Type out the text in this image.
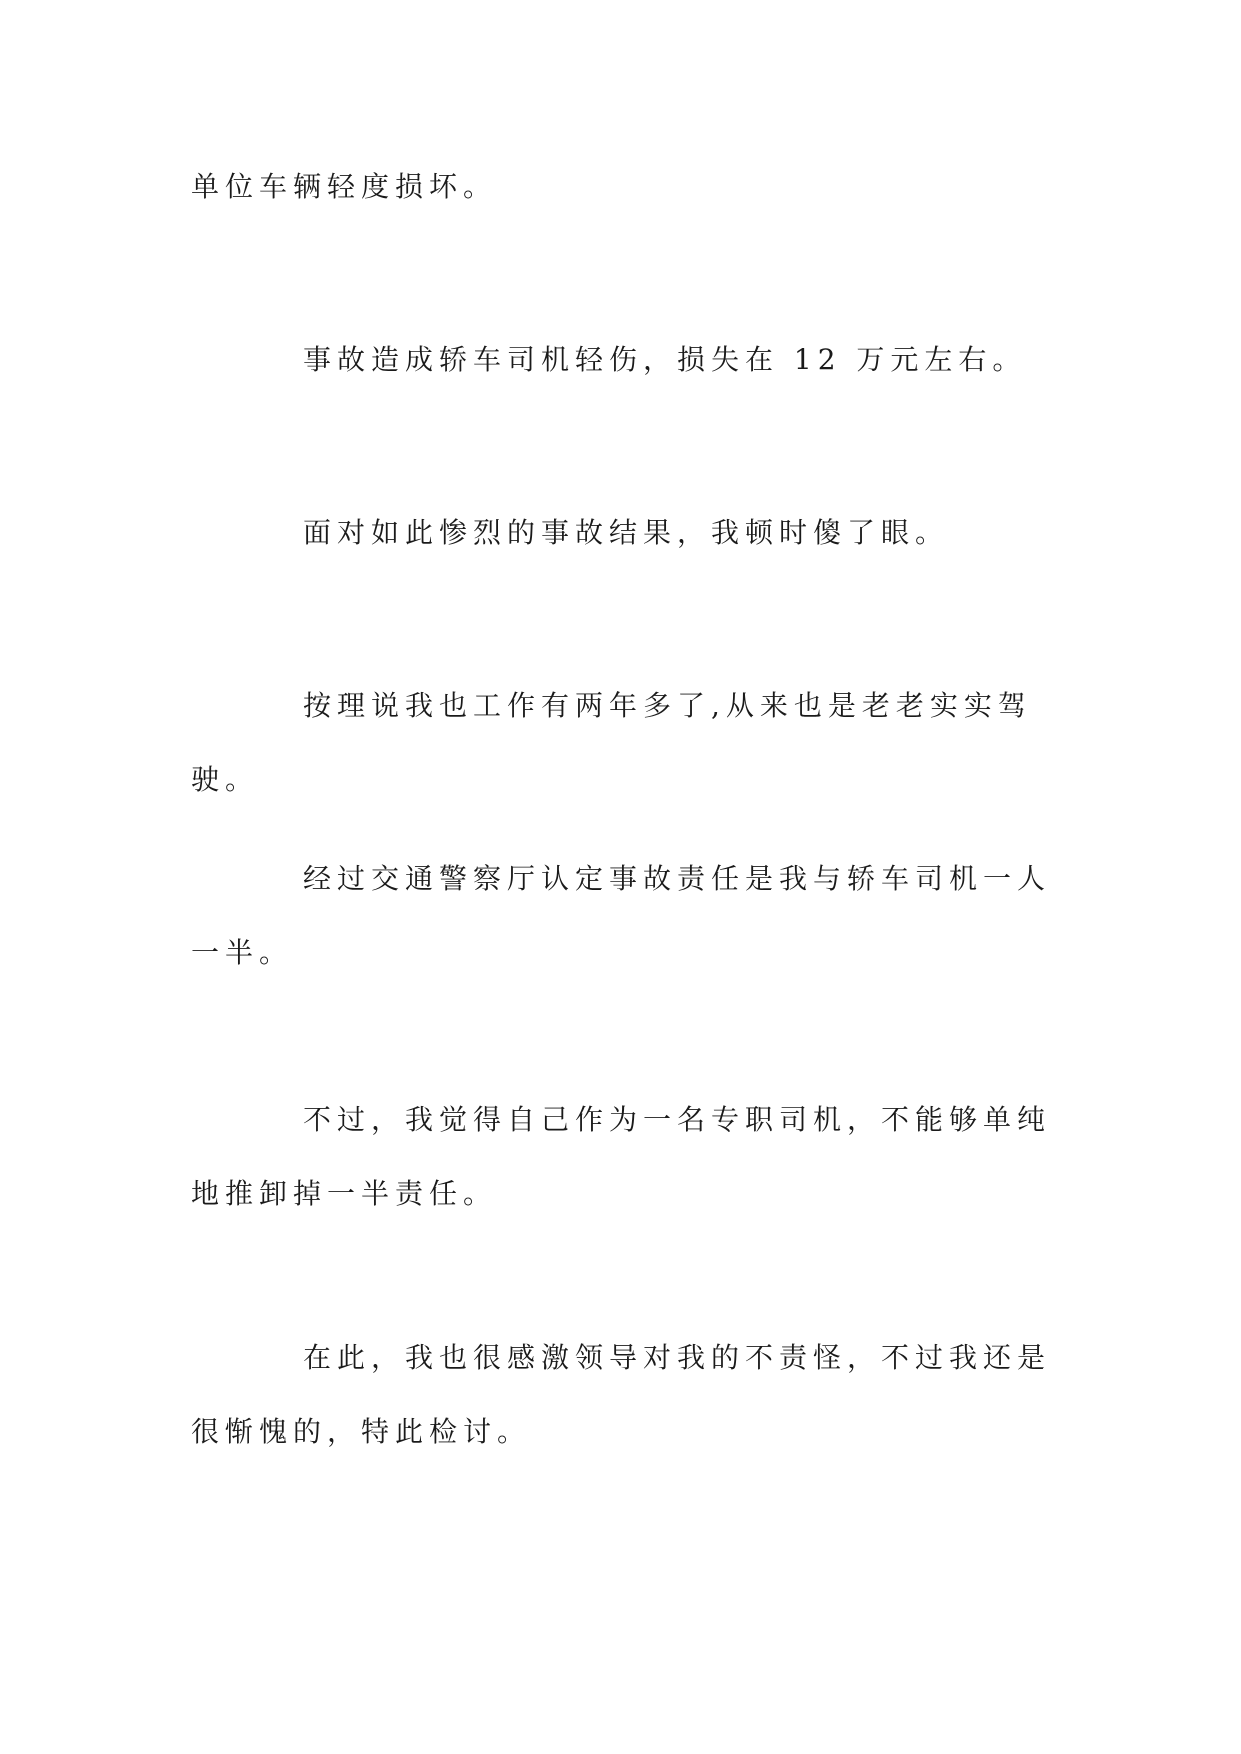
单位车辆轻度损坏。

事故造成轿车司机轻伤，损失在 12 万元左右。

面对如此惨烈的事故结果，我顿时傻了眼。

按理说我也工作有两年多了,从来也是老老实实驾驶。

经过交通警察厅认定事故责任是我与轿车司机一人一半。

不过，我觉得自己作为一名专职司机，不能够单纯地推卸掉一半责任。

在此，我也很感激领导对我的不责怪，不过我还是很惭愧的，特此检讨。
